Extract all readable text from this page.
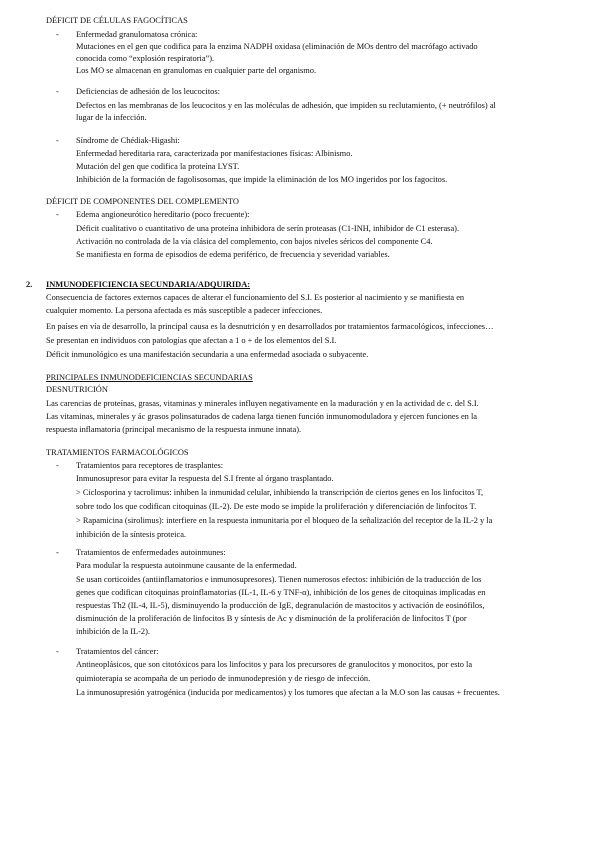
DÉFICIT DE CÉLULAS FAGOCÍTICAS
- Enfermedad granulomatosa crónica:
Mutaciones en el gen que codifica para la enzima NADPH oxidasa (eliminación de MOs dentro del macrófago activado
conocida como “explosión respiratoria”).
Los MO se almacenan en granulomas en cualquier parte del organismo.
- Deficiencias de adhesión de los leucocitos:
Defectos en las membranas de los leucocitos y en las moléculas de adhesión, que impiden su reclutamiento, (+ neutrófilos) al
lugar de la infección.
- Síndrome de Chédiak-Higashi:
Enfermedad hereditaria rara, caracterizada por manifestaciones físicas: Albinismo.
Mutación del gen que codifica la proteína LYST.
Inhibición de la formación de fagolisosomas, que impide la eliminación de los MO ingeridos por los fagocitos.
DÉFICIT DE COMPONENTES DEL COMPLEMENTO
- Edema angioneurótico hereditario (poco frecuente):
Déficit cualitativo o cuantitativo de una proteína inhibidora de serín proteasas (C1-INH, inhibidor de C1 esterasa).
Activación no controlada de la vía clásica del complemento, con bajos niveles séricos del componente C4.
Se manifiesta en forma de episodios de edema periférico, de frecuencia y severidad variables.
2. INMUNODEFICIENCIA SECUNDARIA/ADQUIRIDA:
Consecuencia de factores externos capaces de alterar el funcionamiento del S.I. Es posterior al nacimiento y se manifiesta en
cualquier momento. La persona afectada es más susceptible a padecer infecciones.
En países en vía de desarrollo, la principal causa es la desnutrición y en desarrollados por tratamientos farmacológicos, infecciones…
Se presentan en individuos con patologías que afectan a 1 o + de los elementos del S.I.
Déficit inmunológico es una manifestación secundaria a una enfermedad asociada o subyacente.
PRINCIPALES INMUNODEFICIENCIAS SECUNDARIAS
DESNUTRICIÓN
Las carencias de proteínas, grasas, vitaminas y minerales influyen negativamente en la maduración y en la actividad de c. del S.I.
Las vitaminas, minerales y ác grasos polinsaturados de cadena larga tienen función inmunomoduladora y ejercen funciones en la
respuesta inflamatoria (principal mecanismo de la respuesta inmune innata).
TRATAMIENTOS FARMACOLÓGICOS
- Tratamientos para receptores de trasplantes:
Inmunosupresor para evitar la respuesta del S.I frente al órgano trasplantado.
> Ciclosporina y tacrolimus: inhiben la inmunidad celular, inhibiendo la transcripción de ciertos genes en los linfocitos T,
sobre todo los que codifican citoquinas (IL-2). De este modo se impide la proliferación y diferenciación de linfocitos T.
> Rapamicina (sirolimus): interfiere en la respuesta inmunitaria por el bloqueo de la señalización del receptor de la IL-2 y la
inhibición de la síntesis proteica.
- Tratamientos de enfermedades autoinmunes:
Para modular la respuesta autoinmune causante de la enfermedad.
Se usan corticoides (antiinflamatorios e inmunosupresores). Tienen numerosos efectos: inhibición de la traducción de los
genes que codifican citoquinas proinflamatorias (IL-1, IL-6 y TNF-α), inhibición de los genes de citoquinas implicadas en
respuestas Th2 (IL-4, IL-5), disminuyendo la producción de IgE, degranulación de mastocitos y activación de eosinófilos,
disminución de la proliferación de linfocitos B y síntesis de Ac y disminución de la proliferación de linfocitos T (por
inhibición de la IL-2).
- Tratamientos del cáncer:
Antineoplásicos, que son citotóxicos para los linfocitos y para los precursores de granulocitos y monocitos, por esto la
quimioterapia se acompaña de un periodo de inmunodepresión y de riesgo de infección.
La inmunosupresión yatrogénica (inducida por medicamentos) y los tumores que afectan a la M.O son las causas + frecuentes.
